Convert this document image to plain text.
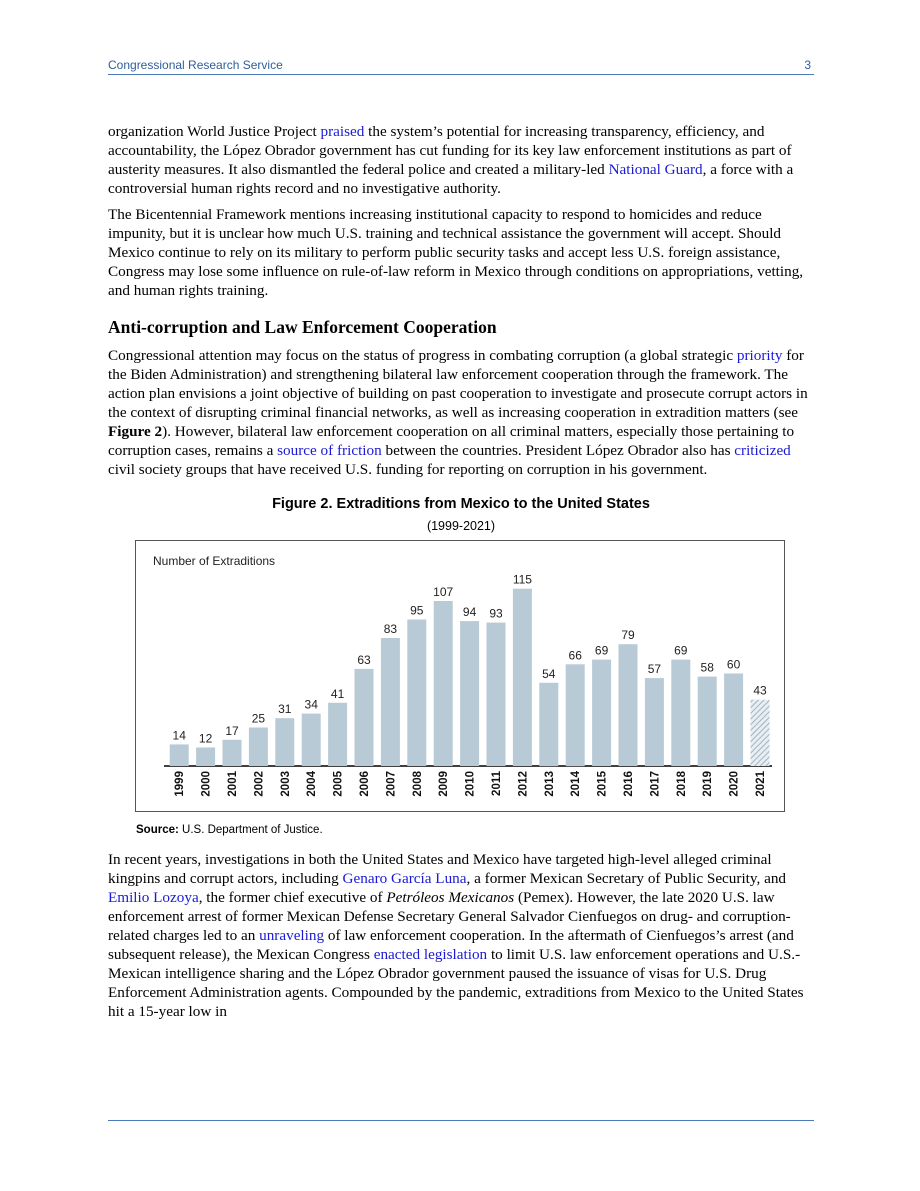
Congressional Research Service	3

organization World Justice Project praised the system’s potential for increasing transparency, efficiency, and accountability, the López Obrador government has cut funding for its key law enforcement institutions as part of austerity measures. It also dismantled the federal police and created a military-led National Guard, a force with a controversial human rights record and no investigative authority.

The Bicentennial Framework mentions increasing institutional capacity to respond to homicides and reduce impunity, but it is unclear how much U.S. training and technical assistance the government will accept. Should Mexico continue to rely on its military to perform public security tasks and accept less U.S. foreign assistance, Congress may lose some influence on rule-of-law reform in Mexico through conditions on appropriations, vetting, and human rights training.

Anti-corruption and Law Enforcement Cooperation

Congressional attention may focus on the status of progress in combating corruption (a global strategic priority for the Biden Administration) and strengthening bilateral law enforcement cooperation through the framework. The action plan envisions a joint objective of building on past cooperation to investigate and prosecute corrupt actors in the context of disrupting criminal financial networks, as well as increasing cooperation in extradition matters (see Figure 2). However, bilateral law enforcement cooperation on all criminal matters, especially those pertaining to corruption cases, remains a source of friction between the countries. President López Obrador also has criticized civil society groups that have received U.S. funding for reporting on corruption in his government.

Figure 2. Extraditions from Mexico to the United States
(1999-2021)
Number of Extraditions
14
1999
12
2000
17
2001
25
2002
31
2003
34
2004
41
2005
63
2006
83
2007
95
2008
107
2009
94
2010
93
2011
115
2012
54
2013
66
2014
69
2015
79
2016
57
2017
69
2018
58
2019
60
2020
43
2021
Source: U.S. Department of Justice.

In recent years, investigations in both the United States and Mexico have targeted high-level alleged criminal kingpins and corrupt actors, including Genaro García Luna, a former Mexican Secretary of Public Security, and Emilio Lozoya, the former chief executive of Petróleos Mexicanos (Pemex). However, the late 2020 U.S. law enforcement arrest of former Mexican Defense Secretary General Salvador Cienfuegos on drug- and corruption-related charges led to an unraveling of law enforcement cooperation. In the aftermath of Cienfuegos’s arrest (and subsequent release), the Mexican Congress enacted legislation to limit U.S. law enforcement operations and U.S.-Mexican intelligence sharing and the López Obrador government paused the issuance of visas for U.S. Drug Enforcement Administration agents. Compounded by the pandemic, extraditions from Mexico to the United States hit a 15-year low in
